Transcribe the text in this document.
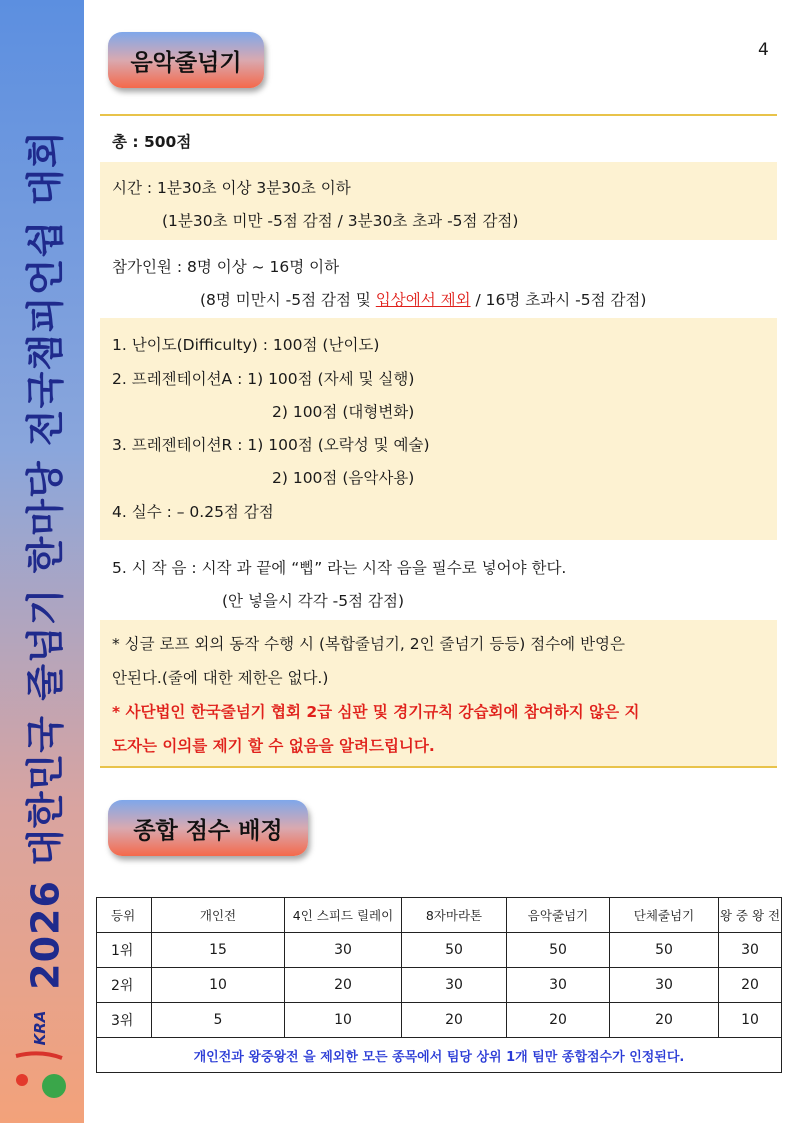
2026 대한민국 줄넘기 한마당 전국챔피언쉽 대회
KRA
음악줄넘기	4
총 : 500점
시간 : 1분30초 이상 3분30초 이하
(1분30초 미만 -5점 감점 / 3분30초 초과 -5점 감점)
참가인원 : 8명 이상 ~ 16명 이하
(8명 미만시 -5점 감점 및 입상에서 제외 / 16명 초과시 -5점 감점)
1. 난이도(Difficulty) : 100점 (난이도)
2. 프레젠테이션A : 1) 100점 (자세 및 실행)
2) 100점 (대형변화)
3. 프레젠테이션R : 1) 100점 (오락성 및 예술)
2) 100점 (음악사용)
4. 실수 : – 0.25점 감점
5. 시 작 음 : 시작 과 끝에 “삡” 라는 시작 음을 필수로 넣어야 한다.
(안 넣을시 각각 -5점 감점)
* 싱글 로프 외의 동작 수행 시 (복합줄넘기, 2인 줄넘기 등등) 점수에 반영은
안된다.(줄에 대한 제한은 없다.)
* 사단법인 한국줄넘기 협회 2급 심판 및 경기규칙 강습회에 참여하지 않은 지
도자는 이의를 제기 할 수 없음을 알려드립니다.
종합 점수 배정
등위	개인전	4인 스피드 릴레이	8자마라톤	음악줄넘기	단체줄넘기	왕 중 왕 전
1위	15	30	50	50	50	30
2위	10	20	30	30	30	20
3위	5	10	20	20	20	10
개인전과 왕중왕전 을 제외한 모든 종목에서 팀당 상위 1개 팀만 종합점수가 인정된다.						
